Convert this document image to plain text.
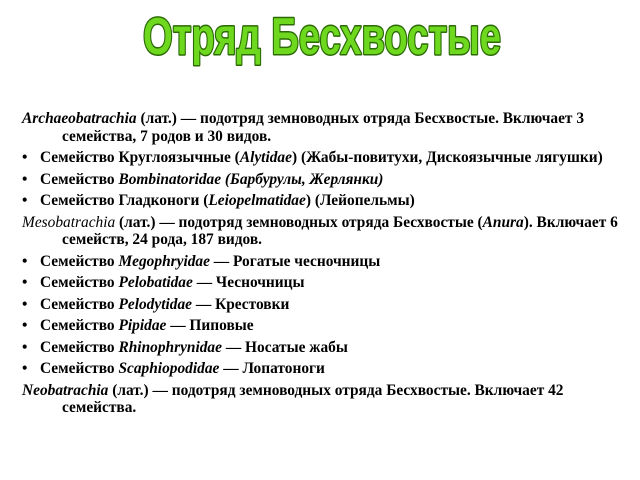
Отряд Бесхвостые

Archaeobatrachia (лат.) — подотряд земноводных отряда Бесхвостые. Включает 3 семейства, 7 родов и 30 видов.

• Семейство Круглоязычные (Alytidae) (Жабы-повитухи, Дискоязычные лягушки)
• Семейство Bombinatoridae (Барбурулы, Жерлянки)
• Семейство Гладконоги (Leiopelmatidae) (Лейопельмы)

Mesobatrachia (лат.) — подотряд земноводных отряда Бесхвостые (Anura). Включает 6 семейств, 24 рода, 187 видов.

• Семейство Megophryidae — Рогатые чесночницы
• Семейство Pelobatidae — Чесночницы
• Семейство Pelodytidae — Крестовки
• Семейство Pipidae — Пиповые
• Семейство Rhinophrynidae — Носатые жабы
• Семейство Scaphiopodidae — Лопатоноги

Neobatrachia (лат.) — подотряд земноводных отряда Бесхвостые. Включает 42 семейства.
